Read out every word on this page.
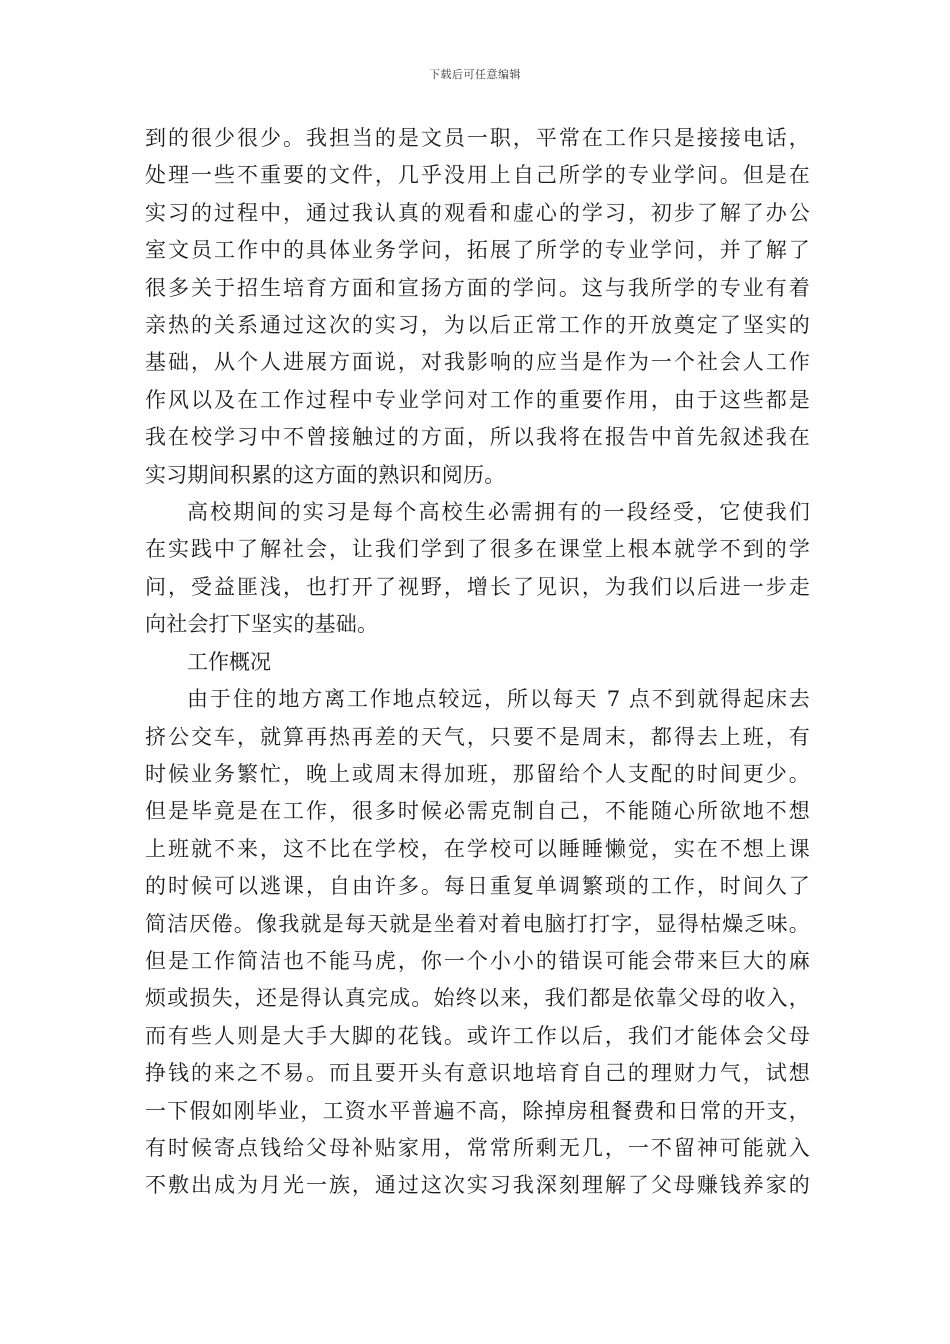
下载后可任意编辑
到的很少很少。我担当的是文员一职，平常在工作只是接接电话，
处理一些不重要的文件，几乎没用上自己所学的专业学问。但是在
实习的过程中，通过我认真的观看和虚心的学习，初步了解了办公
室文员工作中的具体业务学问，拓展了所学的专业学问，并了解了
很多关于招生培育方面和宣扬方面的学问。这与我所学的专业有着
亲热的关系通过这次的实习，为以后正常工作的开放奠定了坚实的
基础，从个人进展方面说，对我影响的应当是作为一个社会人工作
作风以及在工作过程中专业学问对工作的重要作用，由于这些都是
我在校学习中不曾接触过的方面，所以我将在报告中首先叙述我在
实习期间积累的这方面的熟识和阅历。
高校期间的实习是每个高校生必需拥有的一段经受，它使我们
在实践中了解社会，让我们学到了很多在课堂上根本就学不到的学
问，受益匪浅，也打开了视野，增长了见识，为我们以后进一步走
向社会打下坚实的基础。
工作概况
由于住的地方离工作地点较远，所以每天 7 点不到就得起床去
挤公交车，就算再热再差的天气，只要不是周末，都得去上班，有
时候业务繁忙，晚上或周末得加班，那留给个人支配的时间更少。
但是毕竟是在工作，很多时候必需克制自己，不能随心所欲地不想
上班就不来，这不比在学校，在学校可以睡睡懒觉，实在不想上课
的时候可以逃课，自由许多。每日重复单调繁琐的工作，时间久了
简洁厌倦。像我就是每天就是坐着对着电脑打打字，显得枯燥乏味。
但是工作简洁也不能马虎，你一个小小的错误可能会带来巨大的麻
烦或损失，还是得认真完成。始终以来，我们都是依靠父母的收入，
而有些人则是大手大脚的花钱。或许工作以后，我们才能体会父母
挣钱的来之不易。而且要开头有意识地培育自己的理财力气，试想
一下假如刚毕业，工资水平普遍不高，除掉房租餐费和日常的开支，
有时候寄点钱给父母补贴家用，常常所剩无几，一不留神可能就入
不敷出成为月光一族，通过这次实习我深刻理解了父母赚钱养家的
